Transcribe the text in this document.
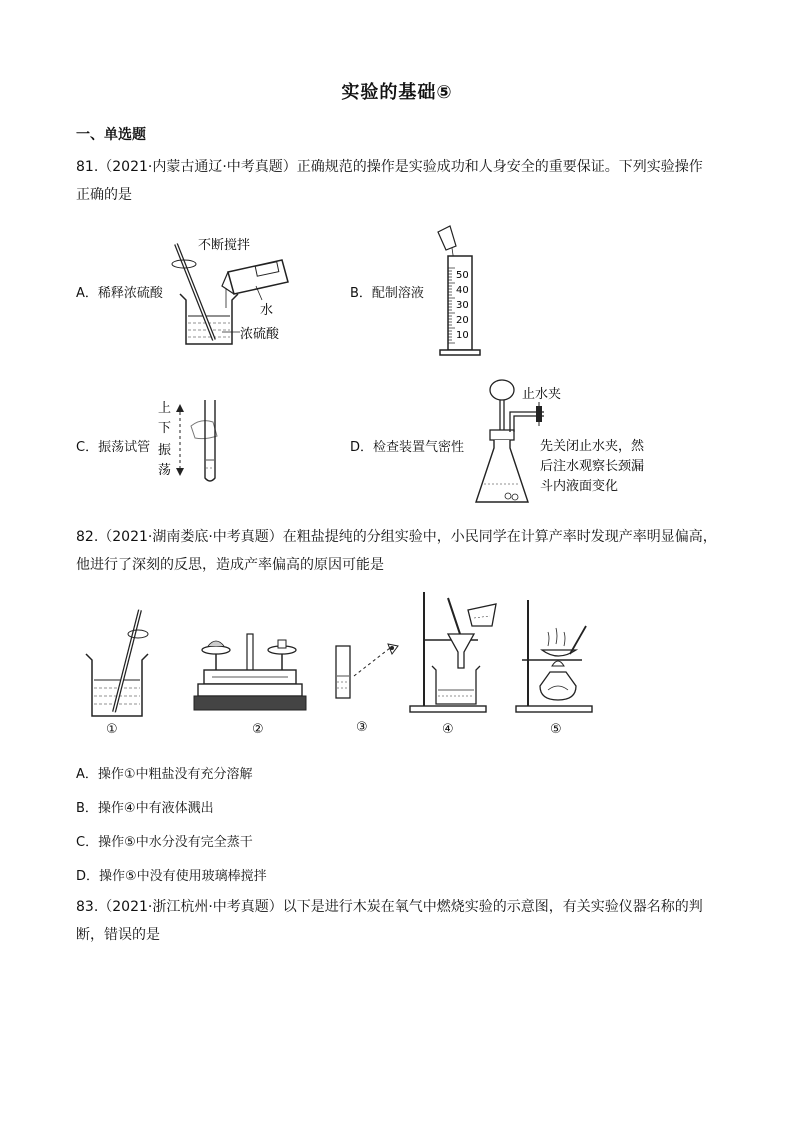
实验的基础⑤
一、单选题
81.（2021·内蒙古通辽·中考真题）正确规范的操作是实验成功和人身安全的重要保证。下列实验操作
正确的是
A．稀释浓硫酸	B．配制溶液
C．振荡试管	D．检查装置气密性
不断搅拌
水
浓硫酸
50
40
30
20
10
上
下
振
荡
止水夹
先关闭止水夹，然
后注水观察长颈漏
斗内液面变化
82.（2021·湖南娄底·中考真题）在粗盐提纯的分组实验中，小民同学在计算产率时发现产率明显偏高，
他进行了深刻的反思，造成产率偏高的原因可能是
①	②	③	④	⑤
A．操作①中粗盐没有充分溶解
B．操作④中有液体溅出
C．操作⑤中水分没有完全蒸干
D．操作⑤中没有使用玻璃棒搅拌
83.（2021·浙江杭州·中考真题）以下是进行木炭在氧气中燃烧实验的示意图，有关实验仪器名称的判
断，错误的是
